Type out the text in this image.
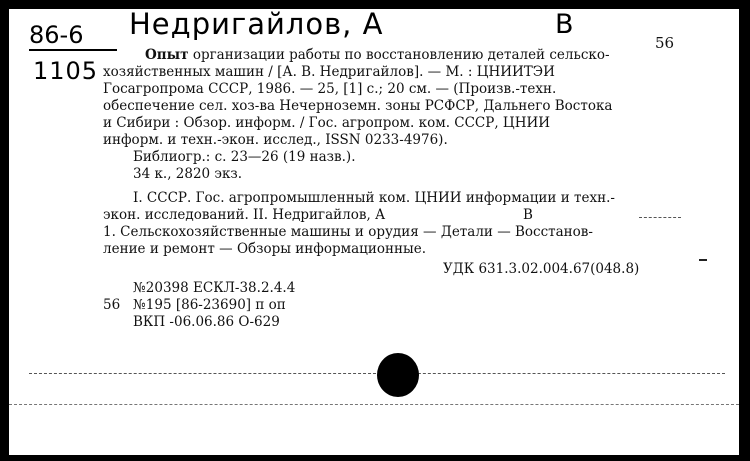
86-6
1105
Недригайлов, А	В
56
Опыт организации работы по восстановлению деталей сельско-
хозяйственных машин / [А. В. Недригайлов]. — М. : ЦНИИТЭИ
Госагропрома СССР, 1986. — 25, [1] с.; 20 см. — (Произв.-техн.
обеспечение сел. хоз-ва Нечерноземн. зоны РСФСР, Дальнего Востока
и Сибири : Обзор. информ. / Гос. агропром. ком. СССР, ЦНИИ
информ. и техн.-экон. исслед., ISSN 0233-4976).
Библиогр.: с. 23—26 (19 назв.).
34 к., 2820 экз.
I. СССР. Гос. агропромышленный ком. ЦНИИ информации и техн.-
экон. исследований. II. Недригайлов, А	В
1. Сельскохозяйственные машины и орудия — Детали — Восстанов-
ление и ремонт — Обзоры информационные.
УДК 631.3.02.004.67(048.8)
№20398 ЕСКЛ-38.2.4.4
56 №195 [86-23690] п оп
ВКП -06.06.86 О-629
